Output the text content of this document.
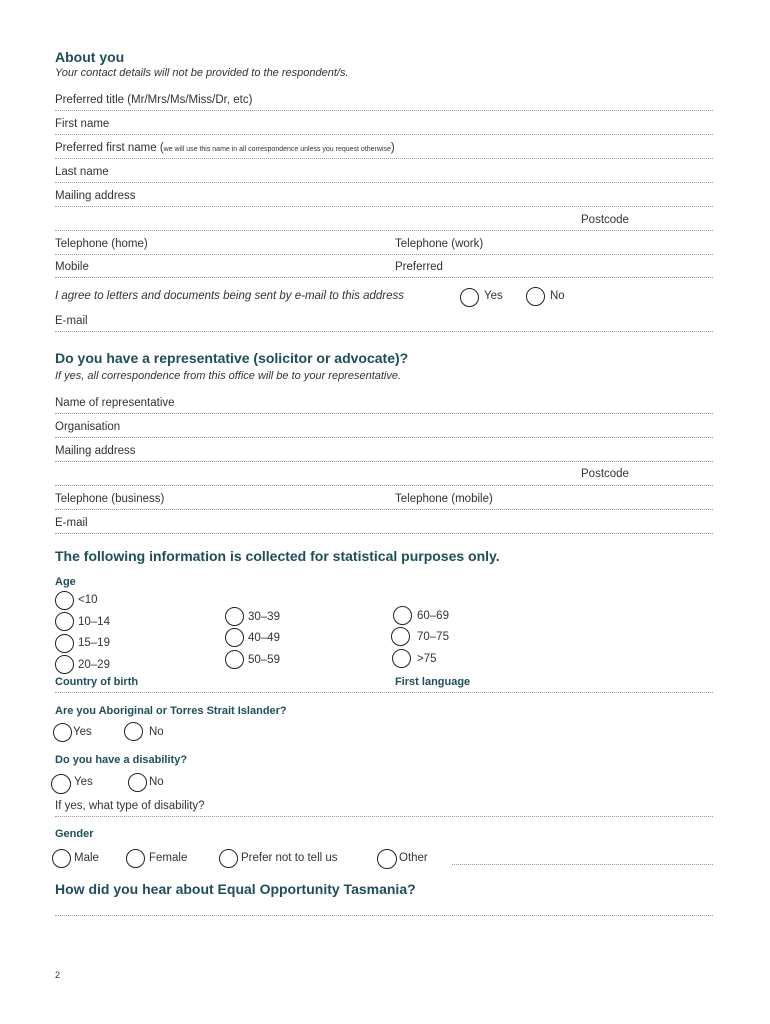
About you
Your contact details will not be provided to the respondent/s.
Preferred title (Mr/Mrs/Ms/Miss/Dr, etc)
First name
Preferred first name (we will use this name in all correspondence unless you request otherwise)
Last name
Mailing address
Postcode
Telephone (home)	Telephone (work)
Mobile	Preferred
I agree to letters and documents being sent by e-mail to this address	Yes	No
E-mail
Do you have a representative (solicitor or advocate)?
If yes, all correspondence from this office will be to your representative.
Name of representative
Organisation
Mailing address
Postcode
Telephone (business)	Telephone (mobile)
E-mail
The following information is collected for statistical purposes only.
Age
<10
10–14
15–19
20–29
30–39
40–49
50–59
60–69
70–75
>75
Country of birth	First language
Are you Aboriginal or Torres Strait Islander?
Yes	No
Do you have a disability?
Yes	No
If yes, what type of disability?
Gender
Male	Female	Prefer not to tell us	Other
How did you hear about Equal Opportunity Tasmania?
2
